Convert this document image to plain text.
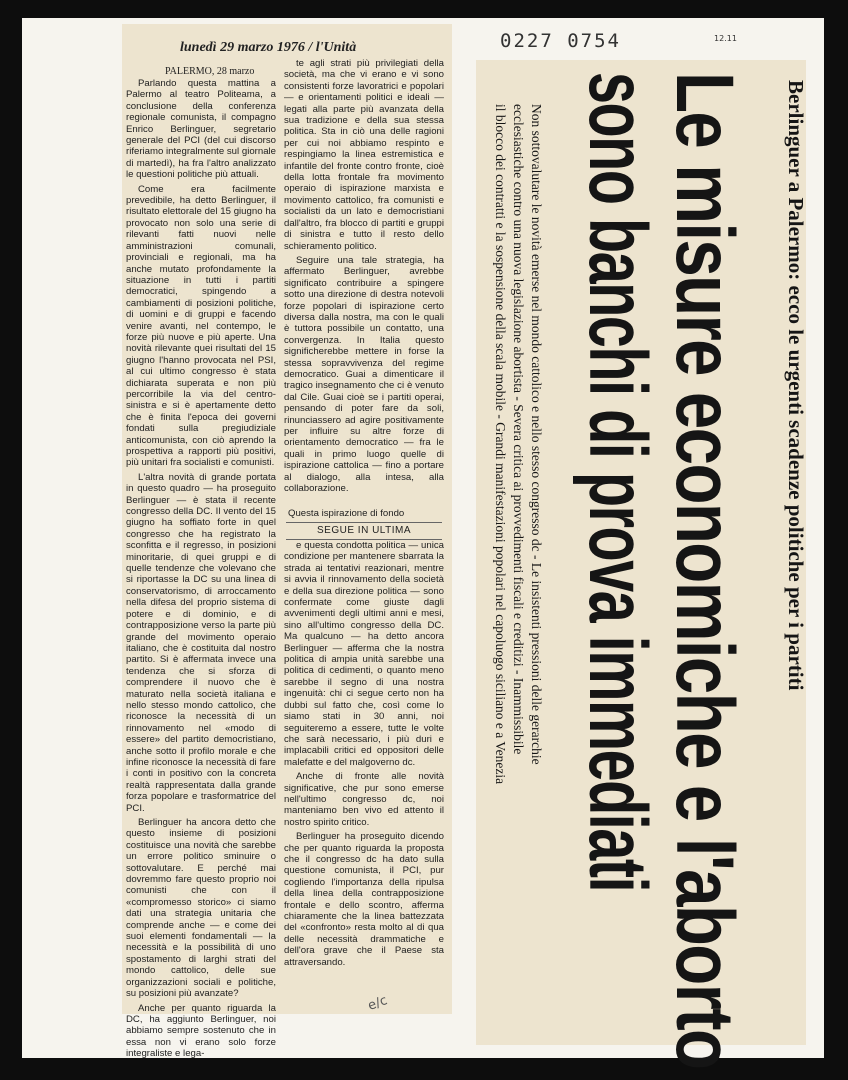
lunedì 29 marzo 1976 / l'Unità
PALERMO, 28 marzo

Parlando questa mattina a Palermo al teatro Politeama, a conclusione della conferenza regionale comunista, il compagno Enrico Berlinguer, segretario generale del PCI (del cui discorso riferiamo integralmente sul giornale di martedì), ha fra l'altro analizzato le questioni politiche più attuali.

Come era facilmente prevedibile, ha detto Berlinguer, il risultato elettorale del 15 giugno ha provocato non solo una serie di rilevanti fatti nuovi nelle amministrazioni comunali, provinciali e regionali, ma ha anche mutato profondamente la situazione in tutti i partiti democratici, spingendo a cambiamenti di posizioni politiche, di uomini e di gruppi e facendo venire avanti, nel contempo, le forze più nuove e più aperte. Una novità rilevante quei risultati del 15 giugno l'hanno provocata nel PSI, al cui ultimo congresso è stata dichiarata superata e non più percorribile la via del centro-sinistra e si è apertamente detto che è finita l'epoca dei governi fondati sulla pregiudiziale anticomunista, con ciò aprendo la prospettiva a rapporti più positivi, più unitari fra socialisti e comunisti.

L'altra novità di grande portata in questo quadro — ha proseguito Berlinguer — è stata il recente congresso della DC. Il vento del 15 giugno ha soffiato forte in quel congresso che ha registrato la sconfitta e il regresso, in posizioni minoritarie, di quei gruppi e di quelle tendenze che volevano che si riportasse la DC su una linea di conservatorismo, di arroccamento nella difesa del proprio sistema di potere e di dominio, e di contrapposizione verso la parte più grande del movimento operaio italiano, che è costituita dal nostro partito. Si è affermata invece una tendenza che si sforza di comprendere il nuovo che è maturato nella società italiana e nello stesso mondo cattolico, che riconosce la necessità di un rinnovamento nel «modo di essere» del partito democristiano, anche sotto il profilo morale e che infine riconosce la necessità di fare i conti in positivo con la concreta realtà rappresentata dalla grande forza popolare e trasformatrice del PCI.

Berlinguer ha ancora detto che questo insieme di posizioni costituisce una novità che sarebbe un errore politico sminuire o sottovalutare. E perché mai dovremmo fare questo proprio noi comunisti che con il «compromesso storico» ci siamo dati una strategia unitaria che comprende anche — e come dei suoi elementi fondamentali — la necessità e la possibilità di uno spostamento di larghi strati del mondo cattolico, delle sue organizzazioni sociali e politiche, su posizioni più avanzate?

Anche per quanto riguarda la DC, ha aggiunto Berlinguer, noi abbiamo sempre sostenuto che in essa non vi erano solo forze integraliste e lega-

te agli strati più privilegiati della società, ma che vi erano e vi sono consistenti forze lavoratrici e popolari — e orientamenti politici e ideali — legati alla parte più avanzata della sua tradizione e della sua stessa politica. Sta in ciò una delle ragioni per cui noi abbiamo respinto e respingiamo la linea estremistica e infantile del fronte contro fronte, cioè della lotta frontale fra movimento operaio di ispirazione marxista e movimento cattolico, fra comunisti e socialisti da un lato e democristiani dall'altro, fra blocco di partiti e gruppi di sinistra e tutto il resto dello schieramento politico.

Seguire una tale strategia, ha affermato Berlinguer, avrebbe significato contribuire a spingere sotto una direzione di destra notevoli forze popolari di ispirazione certo diversa dalla nostra, ma con le quali è tuttora possibile un contatto, una convergenza. In Italia questo significherebbe mettere in forse la stessa sopravvivenza del regime democratico. Guai a dimenticare il tragico insegnamento che ci è venuto dal Cile. Guai cioè se i partiti operai, pensando di poter fare da soli, rinunciassero ad agire positivamente per influire su altre forze di orientamento democratico — fra le quali in primo luogo quelle di ispirazione cattolica — fino a portare al dialogo, alla intesa, alla collaborazione.

Questa ispirazione di fondo
SEGUE IN ULTIMA

e questa condotta politica — unica condizione per mantenere sbarrata la strada ai tentativi reazionari, mentre si avvia il rinnovamento della società e della sua direzione politica — sono confermate come giuste dagli avvenimenti degli ultimi anni e mesi, sino all'ultimo congresso della DC. Ma qualcuno — ha detto ancora Berlinguer — afferma che la nostra politica di ampia unità sarebbe una politica di cedimenti, o quanto meno sarebbe il segno di una nostra ingenuità: chi ci segue certo non ha dubbi sul fatto che, così come lo siamo stati in 30 anni, noi seguiteremo a essere, tutte le volte che sarà necessario, i più duri e implacabili critici ed oppositori delle malefatte e del malgoverno dc.

Anche di fronte alle novità significative, che pur sono emerse nell'ultimo congresso dc, noi manteniamo ben vivo ed attento il nostro spirito critico.

Berlinguer ha proseguito dicendo che per quanto riguarda la proposta che il congresso dc ha dato sulla questione comunista, il PCI, pur cogliendo l'importanza della ripulsa della linea della contrapposizione frontale e dello scontro, afferma chiaramente che la linea battezzata del «confronto» resta molto al di qua delle necessità drammatiche e dell'ora grave che il Paese sta attraversando.

0227 0754	12.11
Berlinguer a Palermo: ecco le urgenti scadenze politiche per i partiti
Le misure economiche e l'aborto
sono banchi di prova immediati
Non sottovalutare le novità emerse nel mondo cattolico e nello stesso congresso dc - Le insistenti pressioni delle gerarchie
ecclesiastiche contro una nuova legislazione abortista - Severa critica ai provvedimenti fiscali e creditizi - Inammissibile
il blocco dei contratti e la sospensione della scala mobile - Grandi manifestazioni popolari nel capoluogo siciliano e a Venezia
e/c
